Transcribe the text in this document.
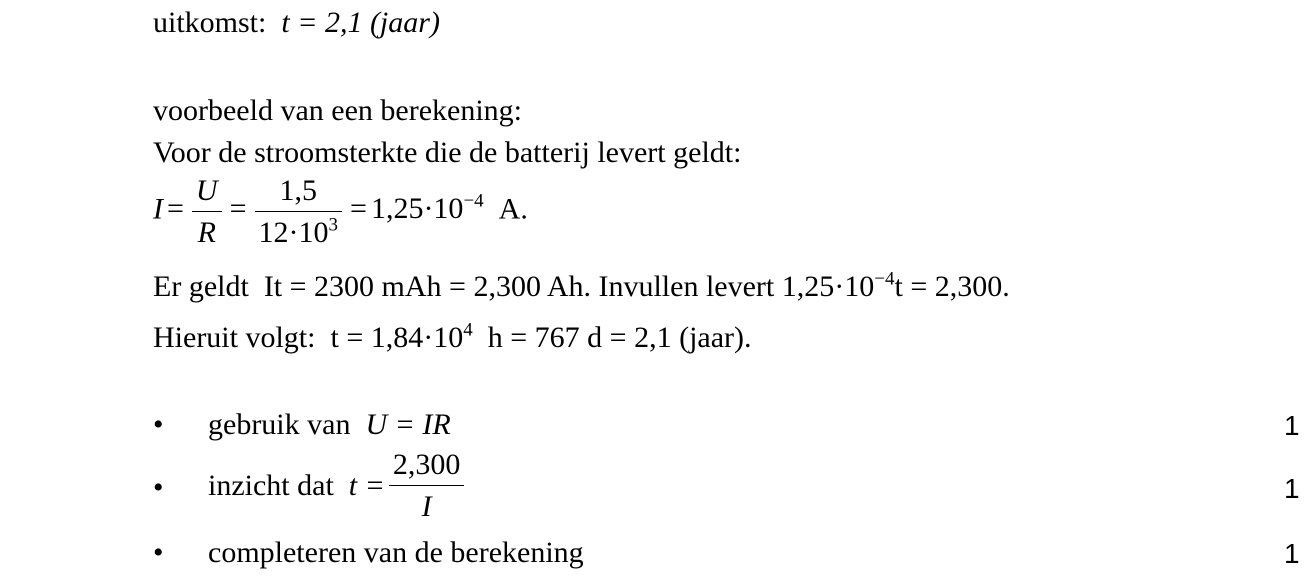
uitkomst: t = 2,1 (jaar)
voorbeeld van een berekening:
Voor de stroomsterkte die de batterij levert geldt:
$I = \frac{U}{R} = \frac{1,5}{12\cdot 10^3} = 1,25\cdot 10^{-4}$ A.
Er geldt It = 2300 mAh = 2,300 Ah. Invullen levert $1,25\cdot 10^{-4}t = 2,300$.
Hieruit volgt: $t = 1,84\cdot 10^4$ h = 767 d = 2,1 (jaar).
• gebruik van U = IR	1
• inzicht dat $t = \frac{2,300}{I}$	1
• completeren van de berekening	1
